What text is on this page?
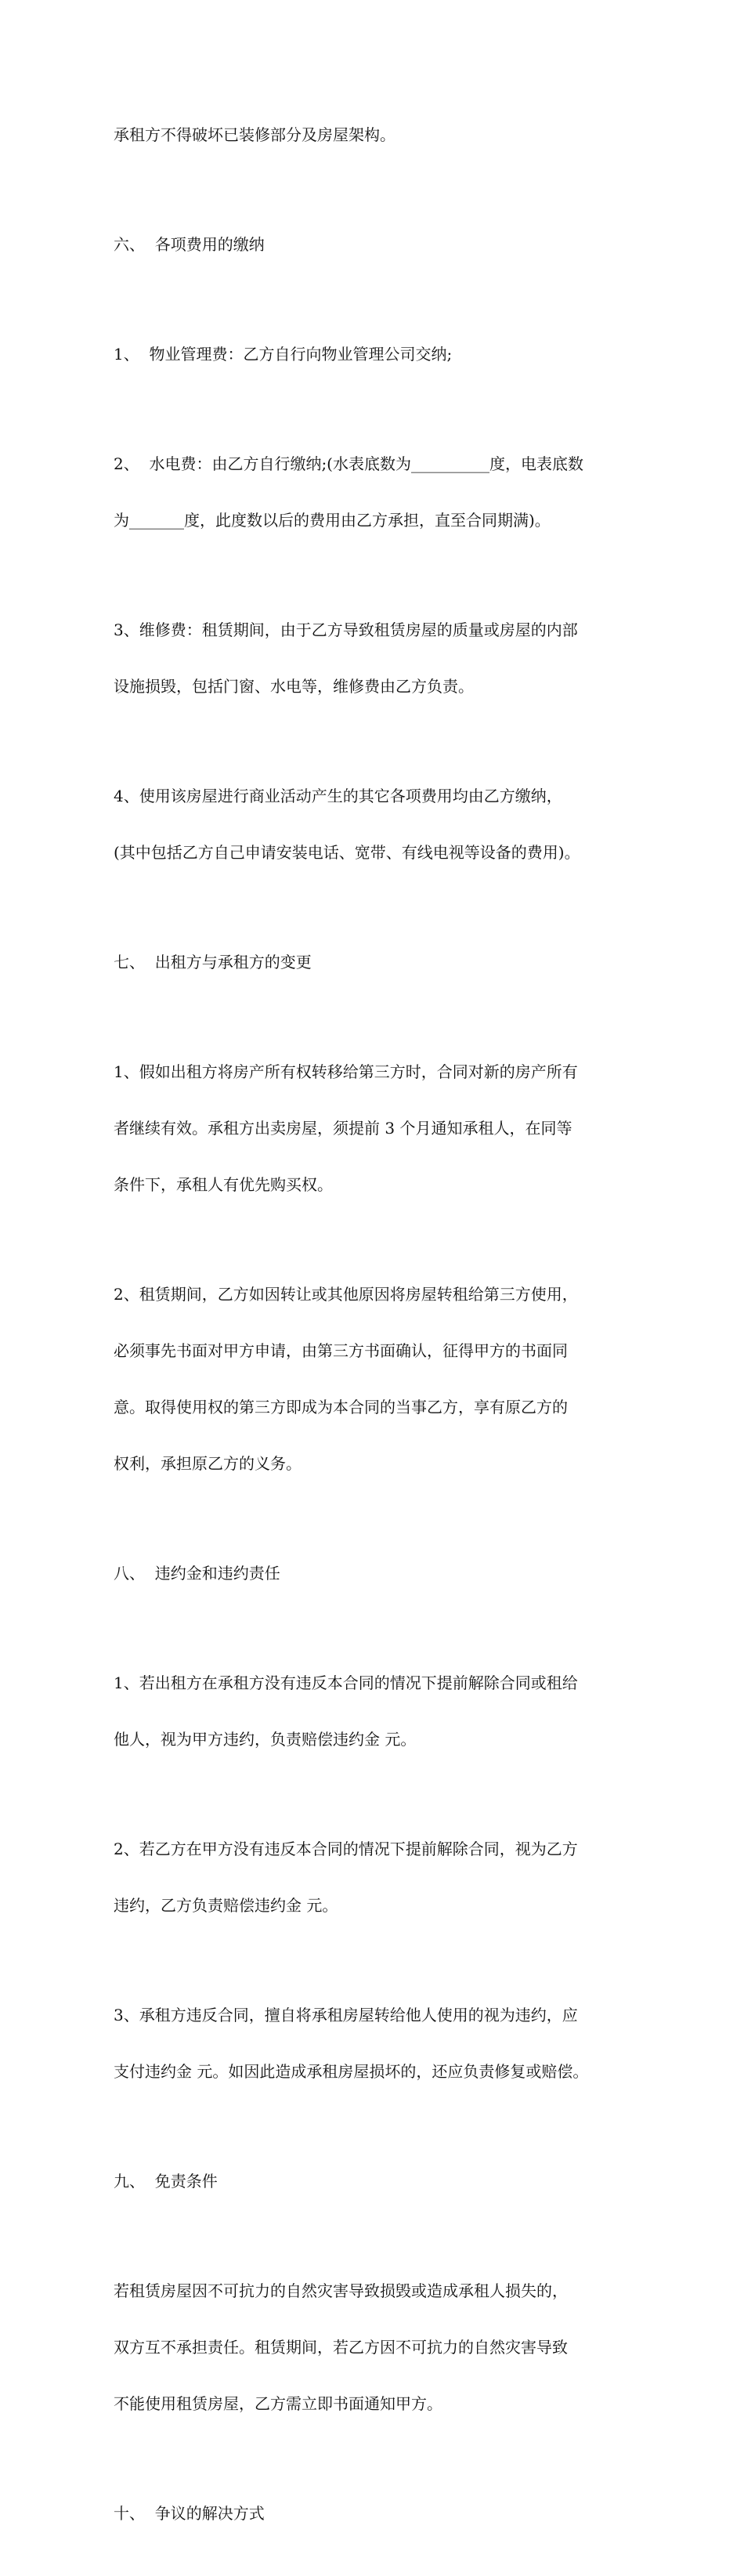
承租方不得破坏已装修部分及房屋架构。

六、  各项费用的缴纳

1、  物业管理费：乙方自行向物业管理公司交纳;

2、  水电费：由乙方自行缴纳;(水表底数为__________度，电表底数

为_______度，此度数以后的费用由乙方承担，直至合同期满)。

3、维修费：租赁期间，由于乙方导致租赁房屋的质量或房屋的内部

设施损毁，包括门窗、水电等，维修费由乙方负责。

4、使用该房屋进行商业活动产生的其它各项费用均由乙方缴纳，

(其中包括乙方自己申请安装电话、宽带、有线电视等设备的费用)。

七、  出租方与承租方的变更

1、假如出租方将房产所有权转移给第三方时，合同对新的房产所有

者继续有效。承租方出卖房屋，须提前 3 个月通知承租人，在同等

条件下，承租人有优先购买权。

2、租赁期间，乙方如因转让或其他原因将房屋转租给第三方使用，

必须事先书面对甲方申请，由第三方书面确认，征得甲方的书面同

意。取得使用权的第三方即成为本合同的当事乙方，享有原乙方的

权利，承担原乙方的义务。

八、  违约金和违约责任

1、若出租方在承租方没有违反本合同的情况下提前解除合同或租给

他人，视为甲方违约，负责赔偿违约金 元。

2、若乙方在甲方没有违反本合同的情况下提前解除合同，视为乙方

违约，乙方负责赔偿违约金 元。

3、承租方违反合同，擅自将承租房屋转给他人使用的视为违约，应

支付违约金 元。如因此造成承租房屋损坏的，还应负责修复或赔偿。

九、  免责条件

若租赁房屋因不可抗力的自然灾害导致损毁或造成承租人损失的，

双方互不承担责任。租赁期间，若乙方因不可抗力的自然灾害导致

不能使用租赁房屋，乙方需立即书面通知甲方。

十、  争议的解决方式
